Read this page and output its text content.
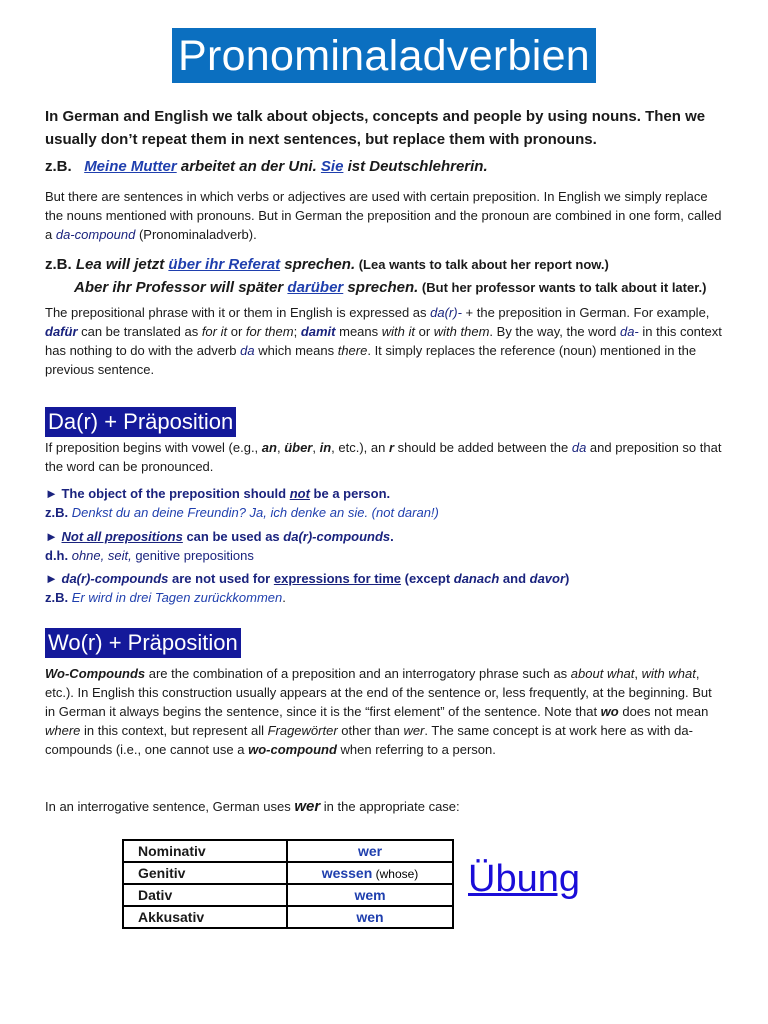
Pronominaladverbien
In German and English we talk about objects, concepts and people by using nouns. Then we usually don’t repeat them in next sentences, but replace them with pronouns.
z.B. Meine Mutter arbeitet an der Uni. Sie ist Deutschlehrerin.
But there are sentences in which verbs or adjectives are used with certain preposition. In English we simply replace the nouns mentioned with pronouns. But in German the preposition and the pronoun are combined in one form, called a da-compound (Pronominaladverb).
z.B. Lea will jetzt über ihr Referat sprechen. (Lea wants to talk about her report now.)
Aber ihr Professor will später darüber sprechen. (But her professor wants to talk about it later.)
The prepositional phrase with it or them in English is expressed as da(r)- + the preposition in German. For example, dafür can be translated as for it or for them; damit means with it or with them. By the way, the word da- in this context has nothing to do with the adverb da which means there. It simply replaces the reference (noun) mentioned in the previous sentence.
Da(r) + Präposition
If preposition begins with vowel (e.g., an, über, in, etc.), an r should be added between the da and preposition so that the word can be pronounced.
► The object of the preposition should not be a person.
z.B. Denkst du an deine Freundin? Ja, ich denke an sie. (not daran!)
► Not all prepositions can be used as da(r)-compounds.
d.h. ohne, seit, genitive prepositions
► da(r)-compounds are not used for expressions for time (except danach and davor)
z.B. Er wird in drei Tagen zurückkommen.
Wo(r) + Präposition
Wo-Compounds are the combination of a preposition and an interrogatory phrase such as about what, with what, etc.). In English this construction usually appears at the end of the sentence or, less frequently, at the beginning. But in German it always begins the sentence, since it is the “first element” of the sentence. Note that wo does not mean where in this context, but represent all Fragewörter other than wer. The same concept is at work here as with da-compounds (i.e., one cannot use a wo-compound when referring to a person.
In an interrogative sentence, German uses wer in the appropriate case:
Nominativ	wer
Genitiv	wessen (whose)
Dativ	wem
Akkusativ	wen
Übung
